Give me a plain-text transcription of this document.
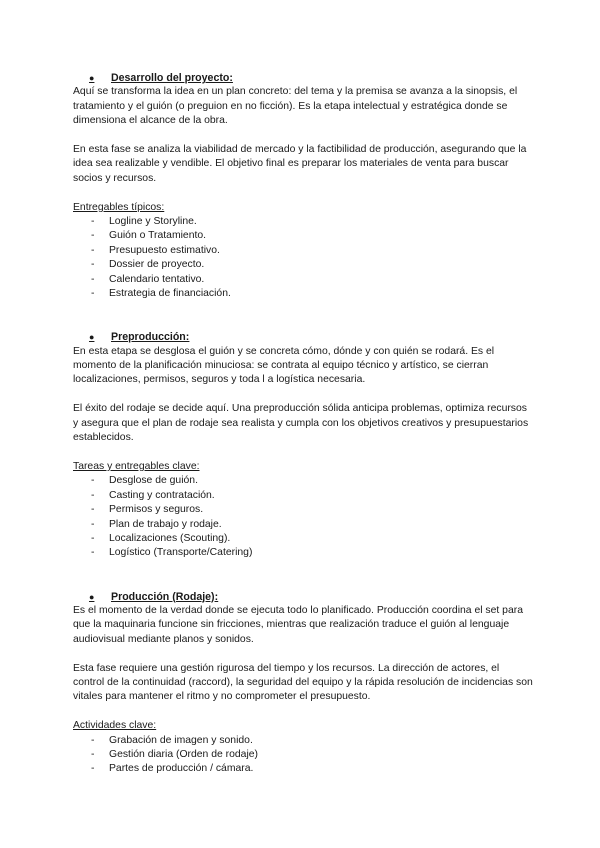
●	Desarrollo del proyecto:

Aquí se transforma la idea en un plan concreto: del tema y la premisa se avanza a la sinopsis, el tratamiento y el guión (o preguion en no ficción). Es la etapa intelectual y estratégica donde se dimensiona el alcance de la obra.

En esta fase se analiza la viabilidad de mercado y la factibilidad de producción, asegurando que la idea sea realizable y vendible. El objetivo final es preparar los materiales de venta para buscar socios y recursos.

Entregables típicos:

-	Logline y Storyline.
-	Guión o Tratamiento.
-	Presupuesto estimativo.
-	Dossier de proyecto.
-	Calendario tentativo.
-	Estrategia de financiación.
●	Preproducción:

En esta etapa se desglosa el guión y se concreta cómo, dónde y con quién se rodará. Es el momento de la planificación minuciosa: se contrata al equipo técnico y artístico, se cierran localizaciones, permisos, seguros y toda l a logística necesaria.

El éxito del rodaje se decide aquí. Una preproducción sólida anticipa problemas, optimiza recursos y asegura que el plan de rodaje sea realista y cumpla con los objetivos creativos y presupuestarios establecidos.

Tareas y entregables clave:

-	Desglose de guión.
-	Casting y contratación.
-	Permisos y seguros.
-	Plan de trabajo y rodaje.
-	Localizaciones (Scouting).
-	Logístico (Transporte/Catering)
●	Producción (Rodaje):

Es el momento de la verdad donde se ejecuta todo lo planificado. Producción coordina el set para que la maquinaria funcione sin fricciones, mientras que realización traduce el guión al lenguaje audiovisual mediante planos y sonidos.

Esta fase requiere una gestión rigurosa del tiempo y los recursos. La dirección de actores, el control de la continuidad (raccord), la seguridad del equipo y la rápida resolución de incidencias son vitales para mantener el ritmo y no comprometer el presupuesto.

Actividades clave:

-	Grabación de imagen y sonido.
-	Gestión diaria (Orden de rodaje)
-	Partes de producción / cámara.
